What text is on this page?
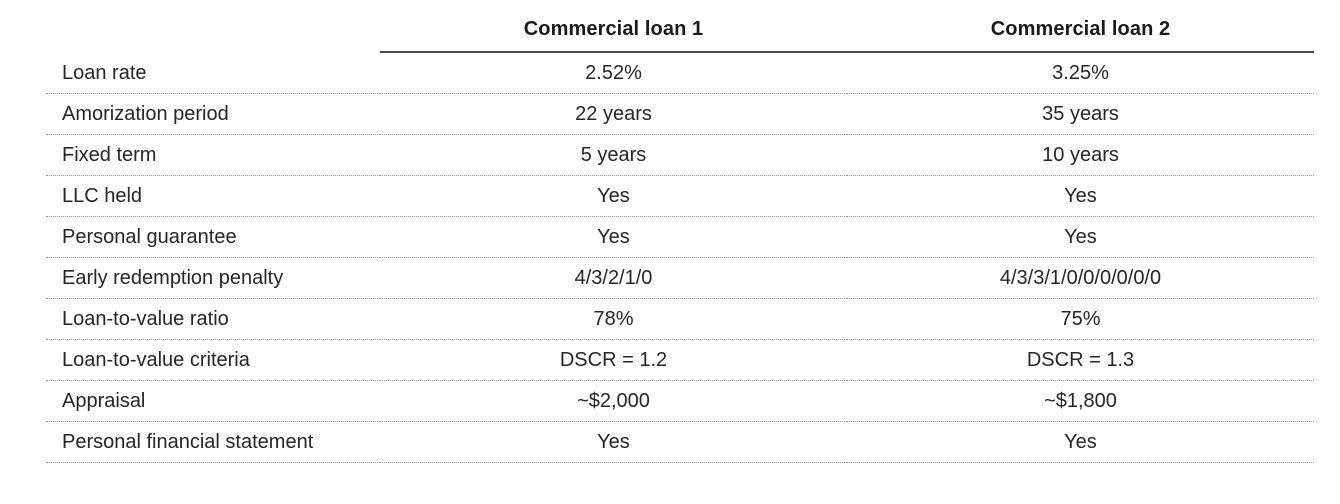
	Commercial loan 1	Commercial loan 2
Loan rate	2.52%	3.25%
Amorization period	22 years	35 years
Fixed term	5 years	10 years
LLC held	Yes	Yes
Personal guarantee	Yes	Yes
Early redemption penalty	4/3/2/1/0	4/3/3/1/0/0/0/0/0/0
Loan-to-value ratio	78%	75%
Loan-to-value criteria	DSCR = 1.2	DSCR = 1.3
Appraisal	~$2,000	~$1,800
Personal financial statement	Yes	Yes
